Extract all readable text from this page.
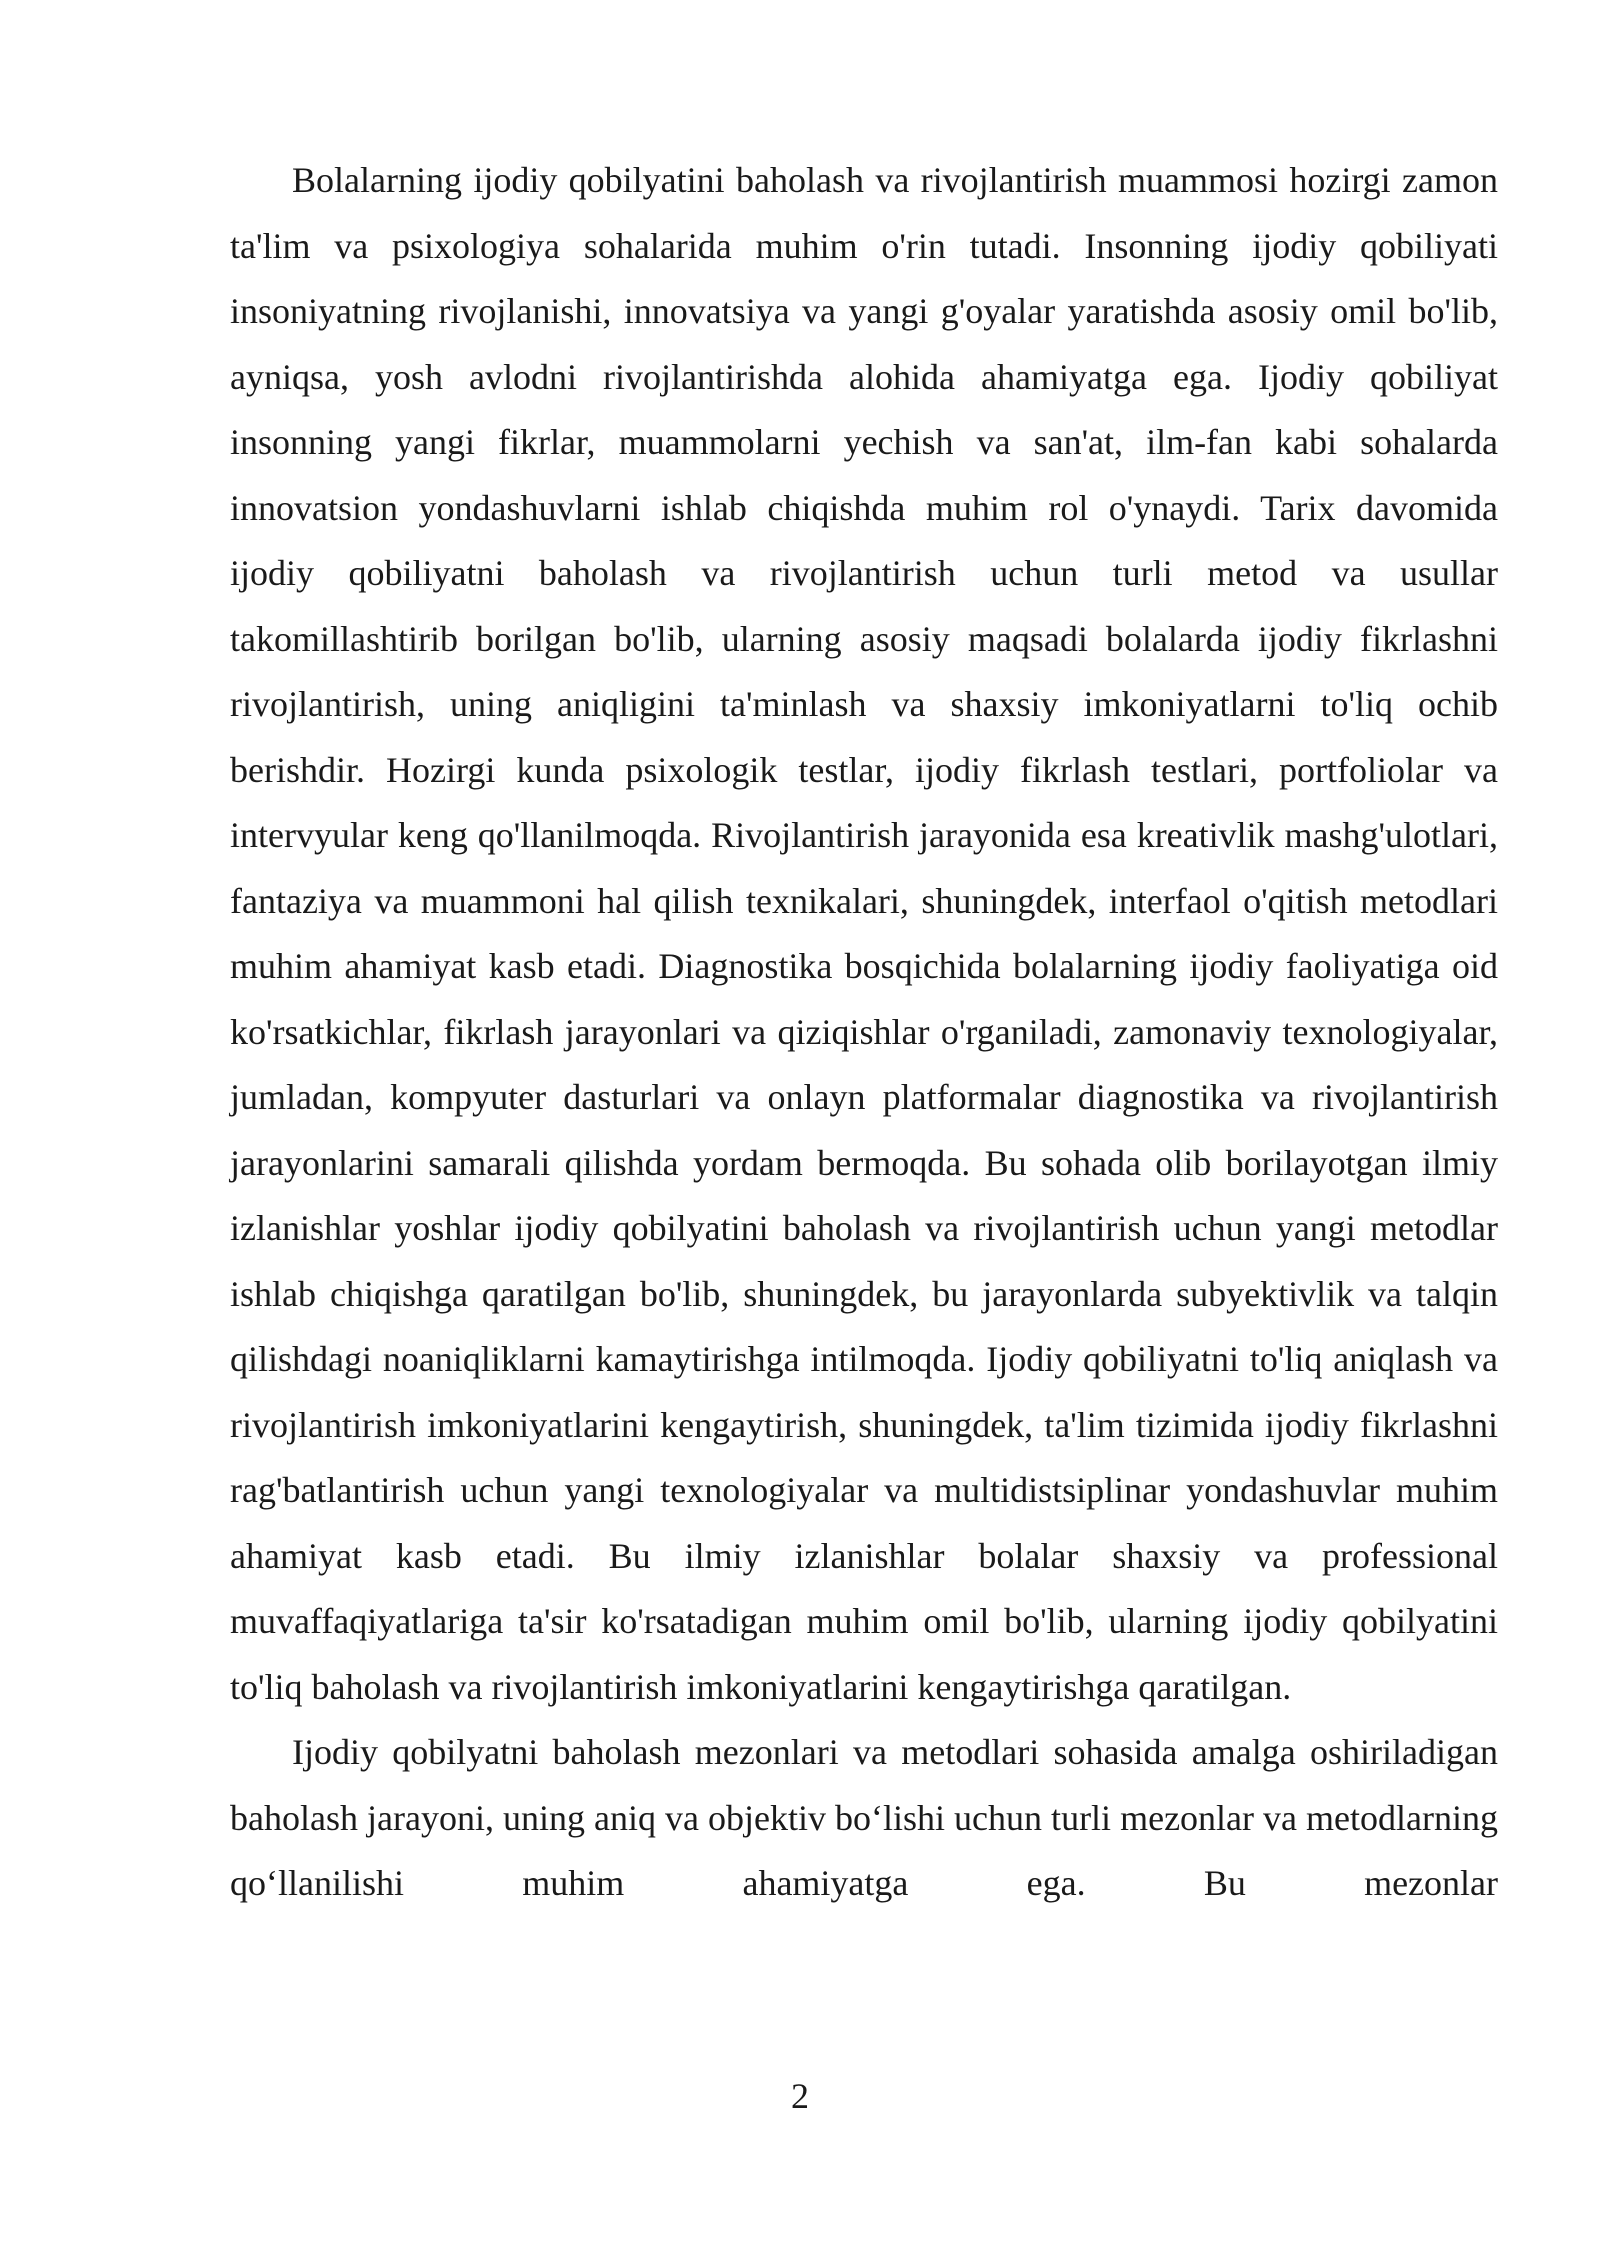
Bolalarning ijodiy qobilyatini baholash va rivojlantirish muammosi hozirgi zamon ta'lim va psixologiya sohalarida muhim o'rin tutadi. Insonning ijodiy qobiliyati insoniyatning rivojlanishi, innovatsiya va yangi g'oyalar yaratishda asosiy omil bo'lib, ayniqsa, yosh avlodni rivojlantirishda alohida ahamiyatga ega. Ijodiy qobiliyat insonning yangi fikrlar, muammolarni yechish va san'at, ilm-fan kabi sohalarda innovatsion yondashuvlarni ishlab chiqishda muhim rol o'ynaydi. Tarix davomida ijodiy qobiliyatni baholash va rivojlantirish uchun turli metod va usullar takomillashtirib borilgan bo'lib, ularning asosiy maqsadi bolalarda ijodiy fikrlashni rivojlantirish, uning aniqligini ta'minlash va shaxsiy imkoniyatlarni to'liq ochib berishdir. Hozirgi kunda psixologik testlar, ijodiy fikrlash testlari, portfoliolar va intervyular keng qo'llanilmoqda. Rivojlantirish jarayonida esa kreativlik mashg'ulotlari, fantaziya va muammoni hal qilish texnikalari, shuningdek, interfaol o'qitish metodlari muhim ahamiyat kasb etadi. Diagnostika bosqichida bolalarning ijodiy faoliyatiga oid ko'rsatkichlar, fikrlash jarayonlari va qiziqishlar o'rganiladi, zamonaviy texnologiyalar, jumladan, kompyuter dasturlari va onlayn platformalar diagnostika va rivojlantirish jarayonlarini samarali qilishda yordam bermoqda. Bu sohada olib borilayotgan ilmiy izlanishlar yoshlar ijodiy qobilyatini baholash va rivojlantirish uchun yangi metodlar ishlab chiqishga qaratilgan bo'lib, shuningdek, bu jarayonlarda subyektivlik va talqin qilishdagi noaniqliklarni kamaytirishga intilmoqda. Ijodiy qobiliyatni to'liq aniqlash va rivojlantirish imkoniyatlarini kengaytirish, shuningdek, ta'lim tizimida ijodiy fikrlashni rag'batlantirish uchun yangi texnologiyalar va multidistsiplinar yondashuvlar muhim ahamiyat kasb etadi. Bu ilmiy izlanishlar bolalar shaxsiy va professional muvaffaqiyatlariga ta'sir ko'rsatadigan muhim omil bo'lib, ularning ijodiy qobilyatini to'liq baholash va rivojlantirish imkoniyatlarini kengaytirishga qaratilgan.

Ijodiy qobilyatni baholash mezonlari va metodlari sohasida amalga oshiriladigan baholash jarayoni, uning aniq va objektiv bo‘lishi uchun turli mezonlar va metodlarning qo‘llanilishi muhim ahamiyatga ega. Bu mezonlar

2
